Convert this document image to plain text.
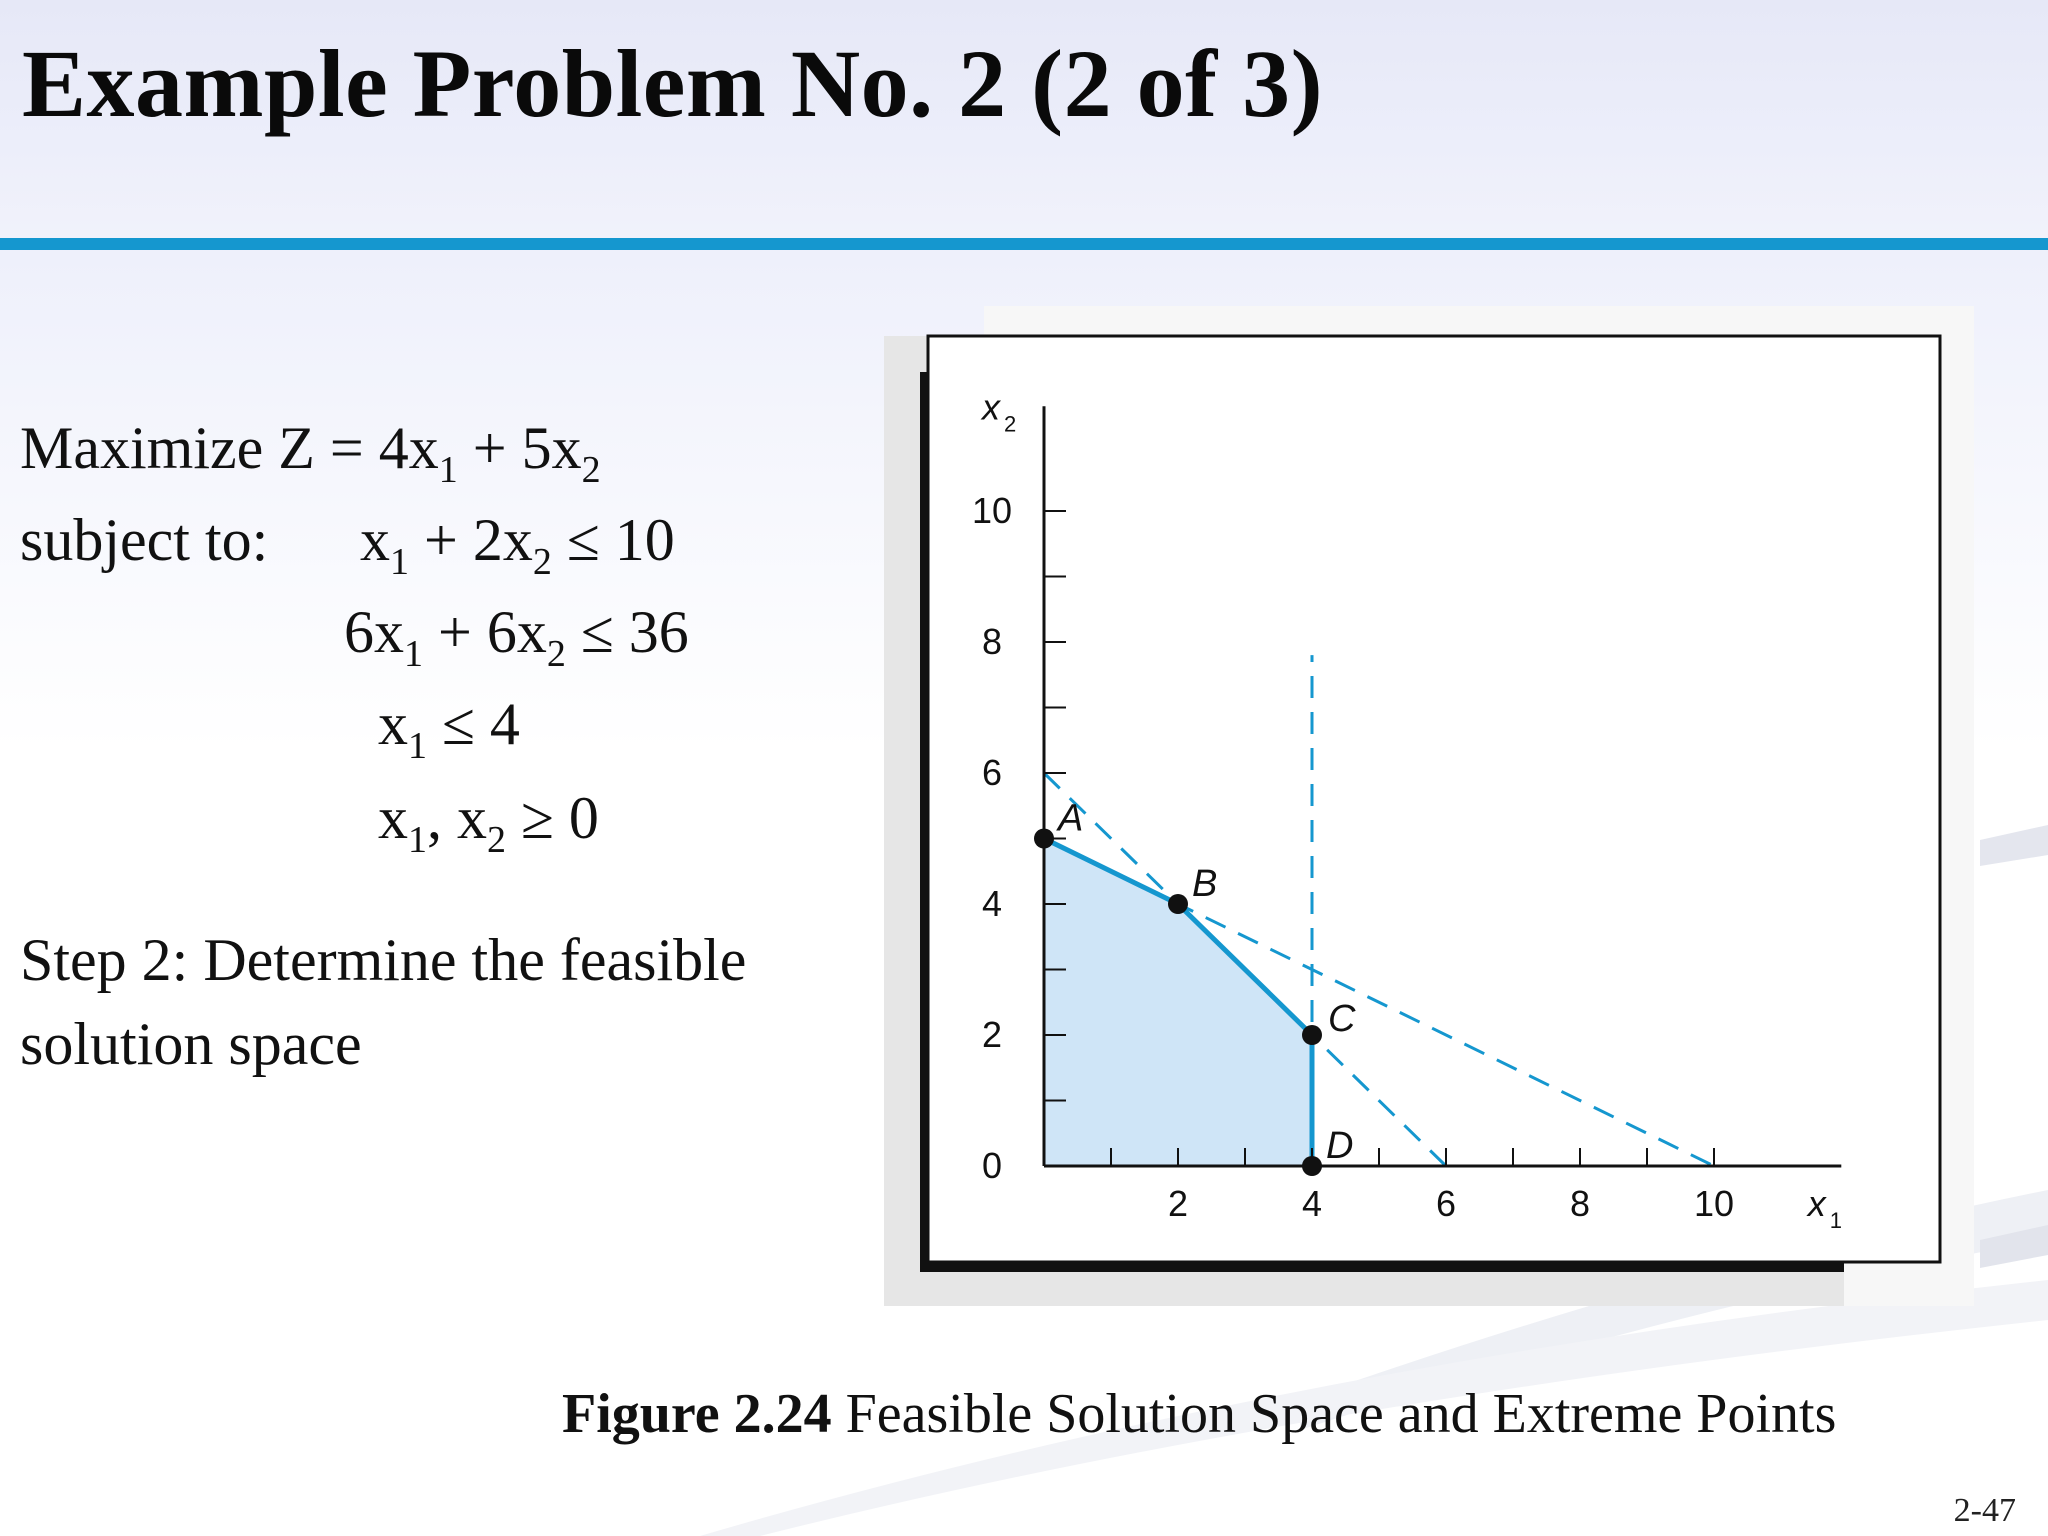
Example Problem No. 2 (2 of 3)
Maximize $Z = 4x_1 + 5x_2$
subject to: $x_1 + 2x_2 \le 10$
$6x_1 + 6x_2 \le 36$
$x_1 \le 4$
$x_1$, $x_2 \ge 0$
Step 2: Determine the feasible
solution space
0
2
4
6
8
10
2	4	6	8	10 x 1
x 2
A
B
C
D
Figure 2.24 Feasible Solution Space and Extreme Points
2-47
